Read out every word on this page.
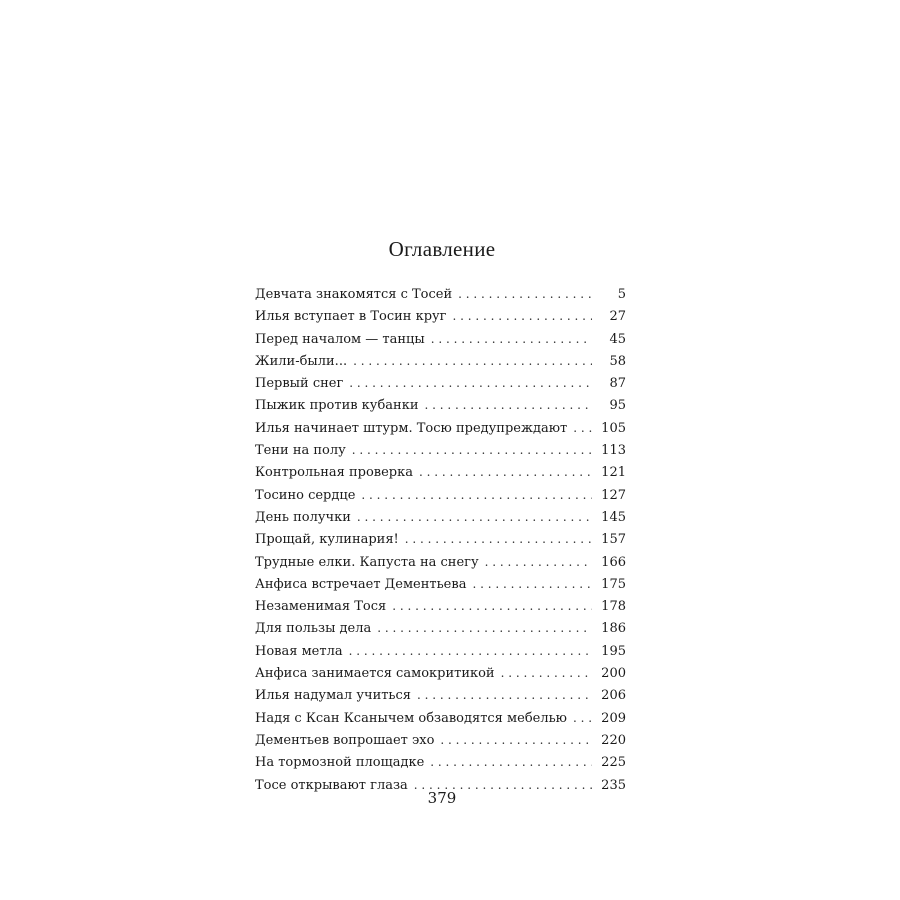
Оглавление
Девчата знакомятся с Тосей . . .	5
Илья вступает в Тосин круг . . .	27
Перед началом — танцы . . .	45
Жили-были... . . .	58
Первый снег . . .	87
Пыжик против кубанки . . .	95
Илья начинает штурм. Тосю предупреждают . . .	105
Тени на полу . . .	113
Контрольная проверка . . .	121
Тосино сердце . . .	127
День получки . . .	145
Прощай, кулинария! . . .	157
Трудные елки. Капуста на снегу . . .	166
Анфиса встречает Дементьева . . .	175
Незаменимая Тося . . .	178
Для пользы дела . . .	186
Новая метла . . .	195
Анфиса занимается самокритикой . . .	200
Илья надумал учиться . . .	206
Надя с Ксан Ксанычем обзаводятся мебелью . . .	209
Дементьев вопрошает эхо . . .	220
На тормозной площадке . . .	225
Тосе открывают глаза . . .	235
379
